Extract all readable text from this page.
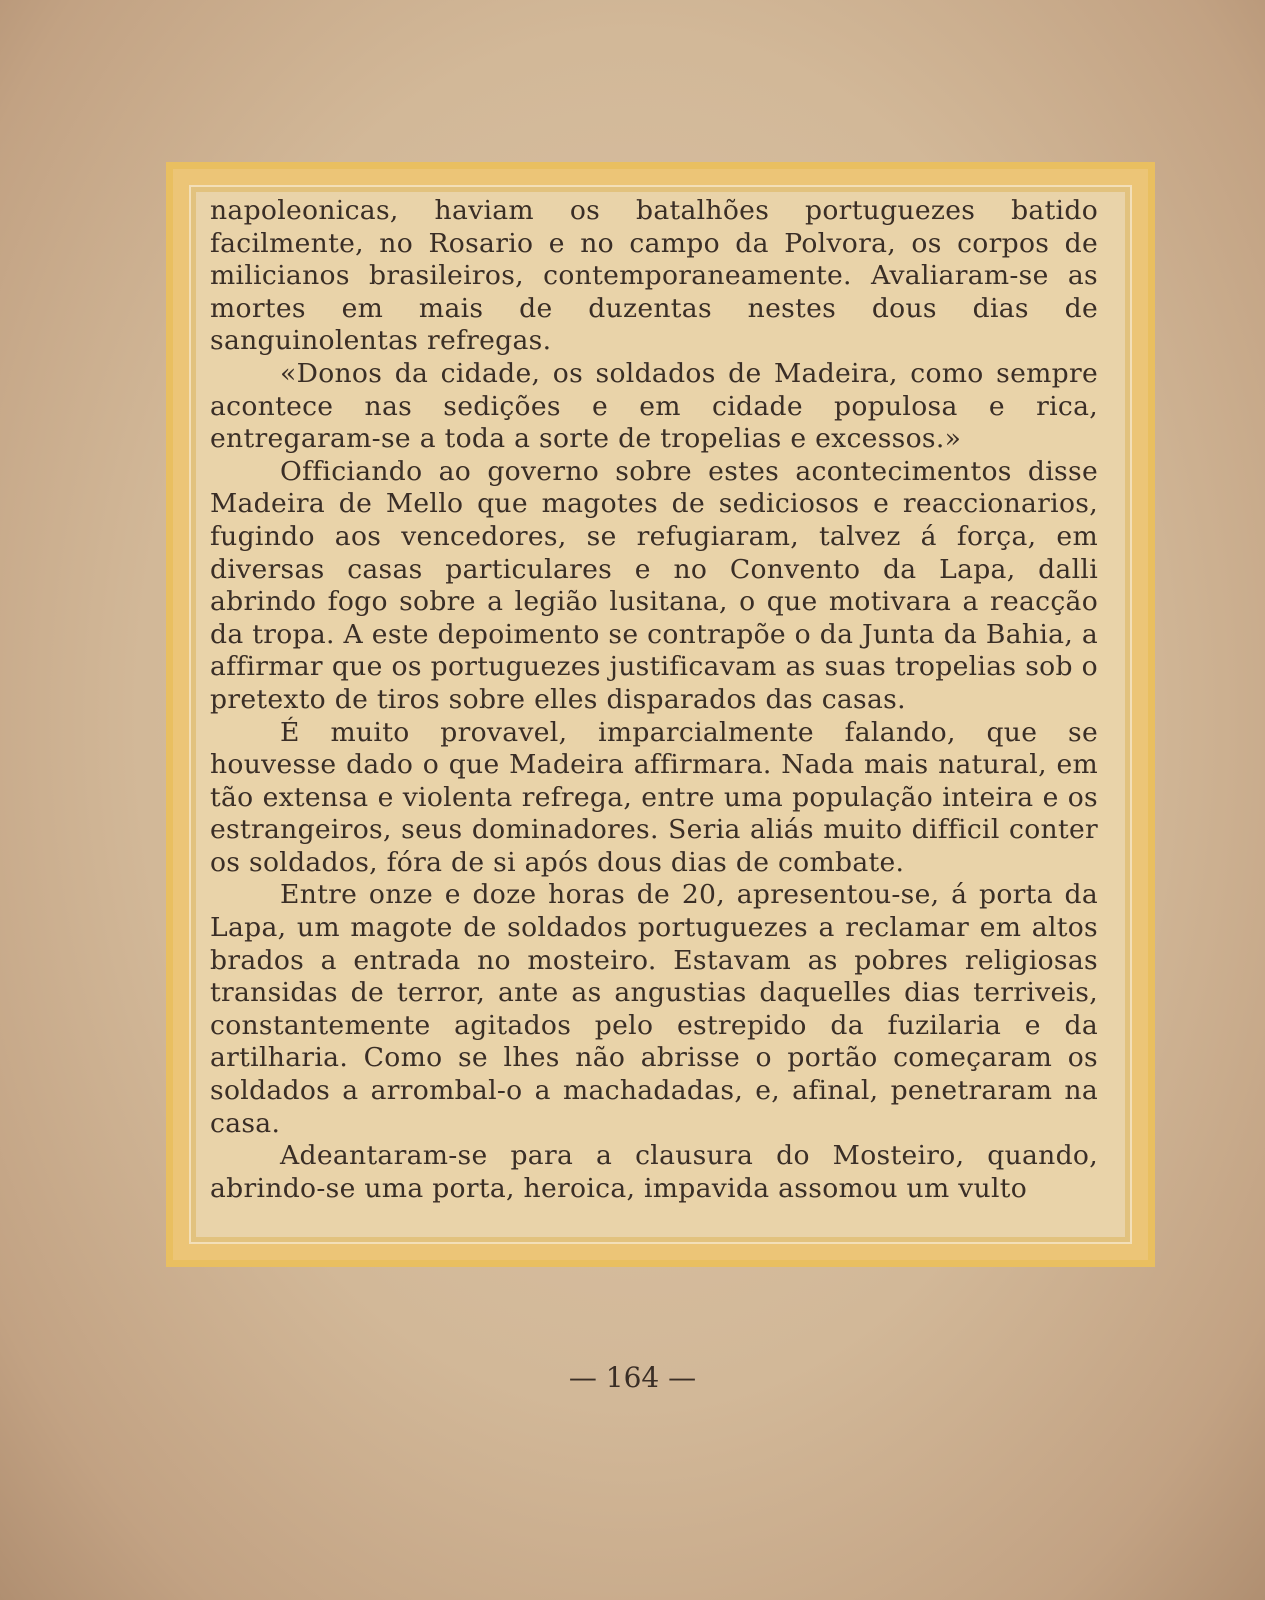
napoleonicas, haviam os batalhões portuguezes batido facilmente, no Rosario e no campo da Polvora, os corpos de milicianos brasileiros, contemporaneamente. Avaliaram-se as mortes em mais de duzentas nestes dous dias de sanguinolentas refregas.

«Donos da cidade, os soldados de Madeira, como sempre acontece nas sedições e em cidade populosa e rica, entregaram-se a toda a sorte de tropelias e excessos.»

Officiando ao governo sobre estes acontecimentos disse Madeira de Mello que magotes de sediciosos e reaccionarios, fugindo aos vencedores, se refugiaram, talvez á força, em diversas casas particulares e no Convento da Lapa, dalli abrindo fogo sobre a legião lusitana, o que motivara a reacção da tropa. A este depoimento se contrapõe o da Junta da Bahia, a affirmar que os portuguezes justificavam as suas tropelias sob o pretexto de tiros sobre elles disparados das casas.

É muito provavel, imparcialmente falando, que se houvesse dado o que Madeira affirmara. Nada mais natural, em tão extensa e violenta refrega, entre uma população inteira e os estrangeiros, seus dominadores. Seria aliás muito difficil conter os soldados, fóra de si após dous dias de combate.

Entre onze e doze horas de 20, apresentou-se, á porta da Lapa, um magote de soldados portuguezes a reclamar em altos brados a entrada no mosteiro. Estavam as pobres religiosas transidas de terror, ante as angustias daquelles dias terriveis, constantemente agitados pelo estrepido da fuzilaria e da artilharia. Como se lhes não abrisse o portão começaram os soldados a arrombal-o a machadadas, e, afinal, penetraram na casa.

Adeantaram-se para a clausura do Mosteiro, quando, abrindo-se uma porta, heroica, impavida assomou um vulto

— 164 —
